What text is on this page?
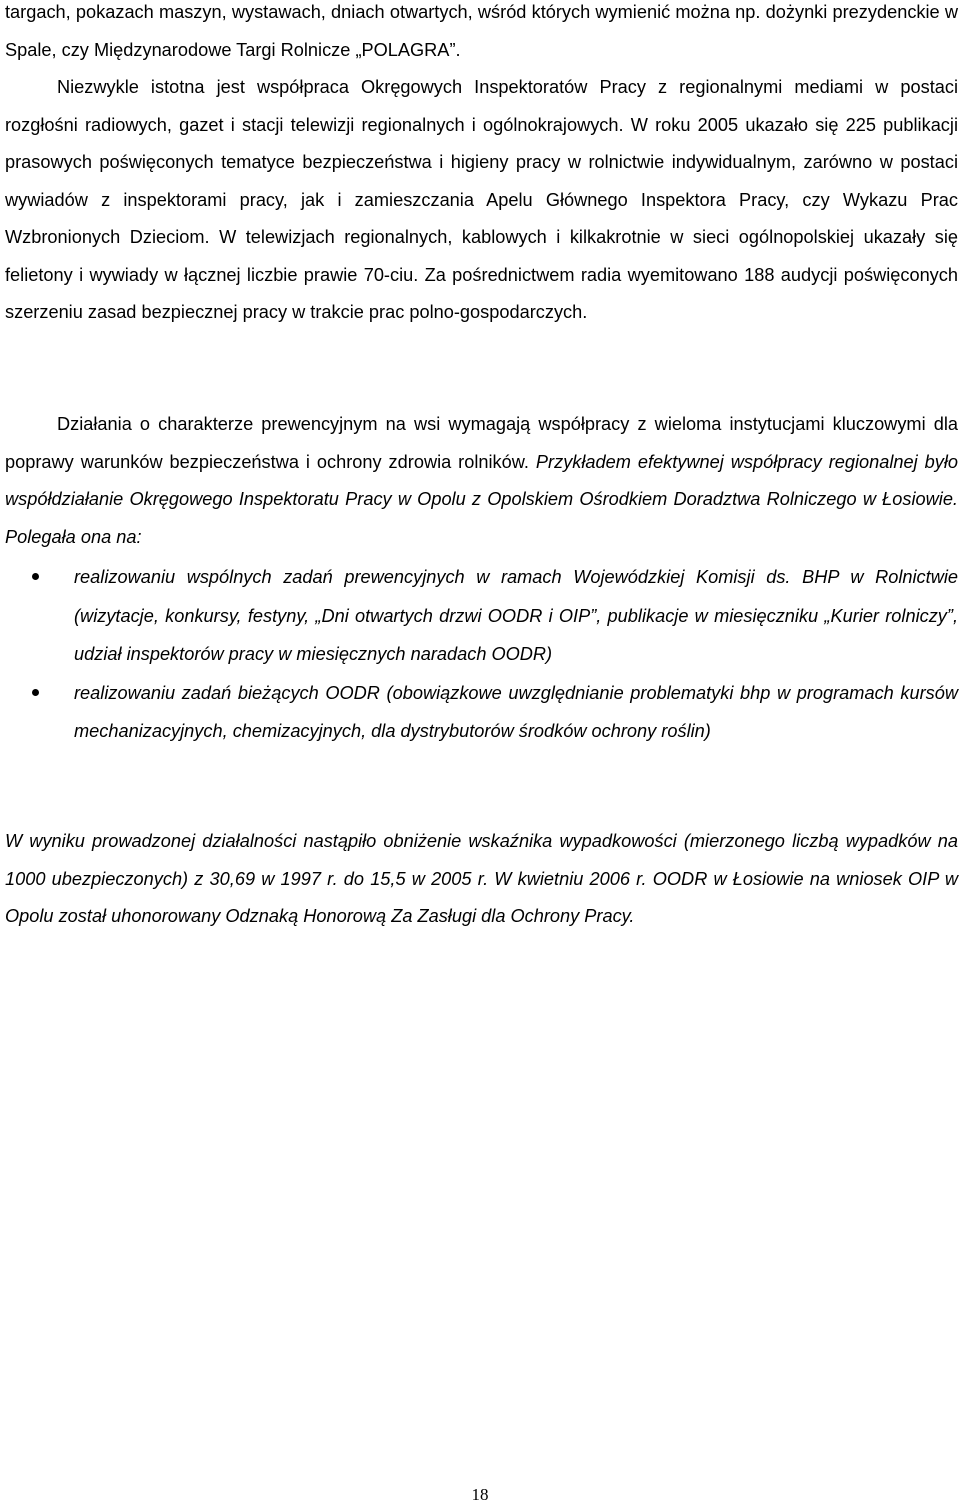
targach, pokazach maszyn, wystawach, dniach otwartych, wśród których wymienić można np. dożynki prezydenckie w Spale, czy Międzynarodowe Targi Rolnicze „POLAGRA”.

Niezwykle istotna jest współpraca Okręgowych Inspektoratów Pracy z regionalnymi mediami w postaci rozgłośni radiowych, gazet i stacji telewizji regionalnych i ogólnokrajowych. W roku 2005 ukazało się 225 publikacji prasowych poświęconych tematyce bezpieczeństwa i higieny pracy w rolnictwie indywidualnym, zarówno w postaci wywiadów z inspektorami pracy, jak i zamieszczania Apelu Głównego Inspektora Pracy, czy Wykazu Prac Wzbronionych Dzieciom. W telewizjach regionalnych, kablowych i kilkakrotnie w sieci ogólnopolskiej ukazały się felietony i wywiady w łącznej liczbie prawie 70-ciu. Za pośrednictwem radia wyemitowano 188 audycji poświęconych szerzeniu zasad bezpiecznej pracy w trakcie prac polno-gospodarczych.

Działania o charakterze prewencyjnym na wsi wymagają współpracy z wieloma instytucjami kluczowymi dla poprawy warunków bezpieczeństwa i ochrony zdrowia rolników. Przykładem efektywnej współpracy regionalnej było współdziałanie Okręgowego Inspektoratu Pracy w Opolu z Opolskiem Ośrodkiem Doradztwa Rolniczego w Łosiowie. Polegała ona na:

realizowaniu wspólnych zadań prewencyjnych w ramach Wojewódzkiej Komisji ds. BHP w Rolnictwie (wizytacje, konkursy, festyny, „Dni otwartych drzwi OODR i OIP”, publikacje w miesięczniku „Kurier rolniczy”, udział inspektorów pracy w miesięcznych naradach OODR)

realizowaniu zadań bieżących OODR (obowiązkowe uwzględnianie problematyki bhp w programach kursów mechanizacyjnych, chemizacyjnych, dla dystrybutorów środków ochrony roślin)

W wyniku prowadzonej działalności nastąpiło obniżenie wskaźnika wypadkowości (mierzonego liczbą wypadków na 1000 ubezpieczonych) z 30,69 w 1997 r. do 15,5 w 2005 r. W kwietniu 2006 r. OODR w Łosiowie na wniosek OIP w Opolu został uhonorowany Odznaką Honorową Za Zasługi dla Ochrony Pracy.

18
